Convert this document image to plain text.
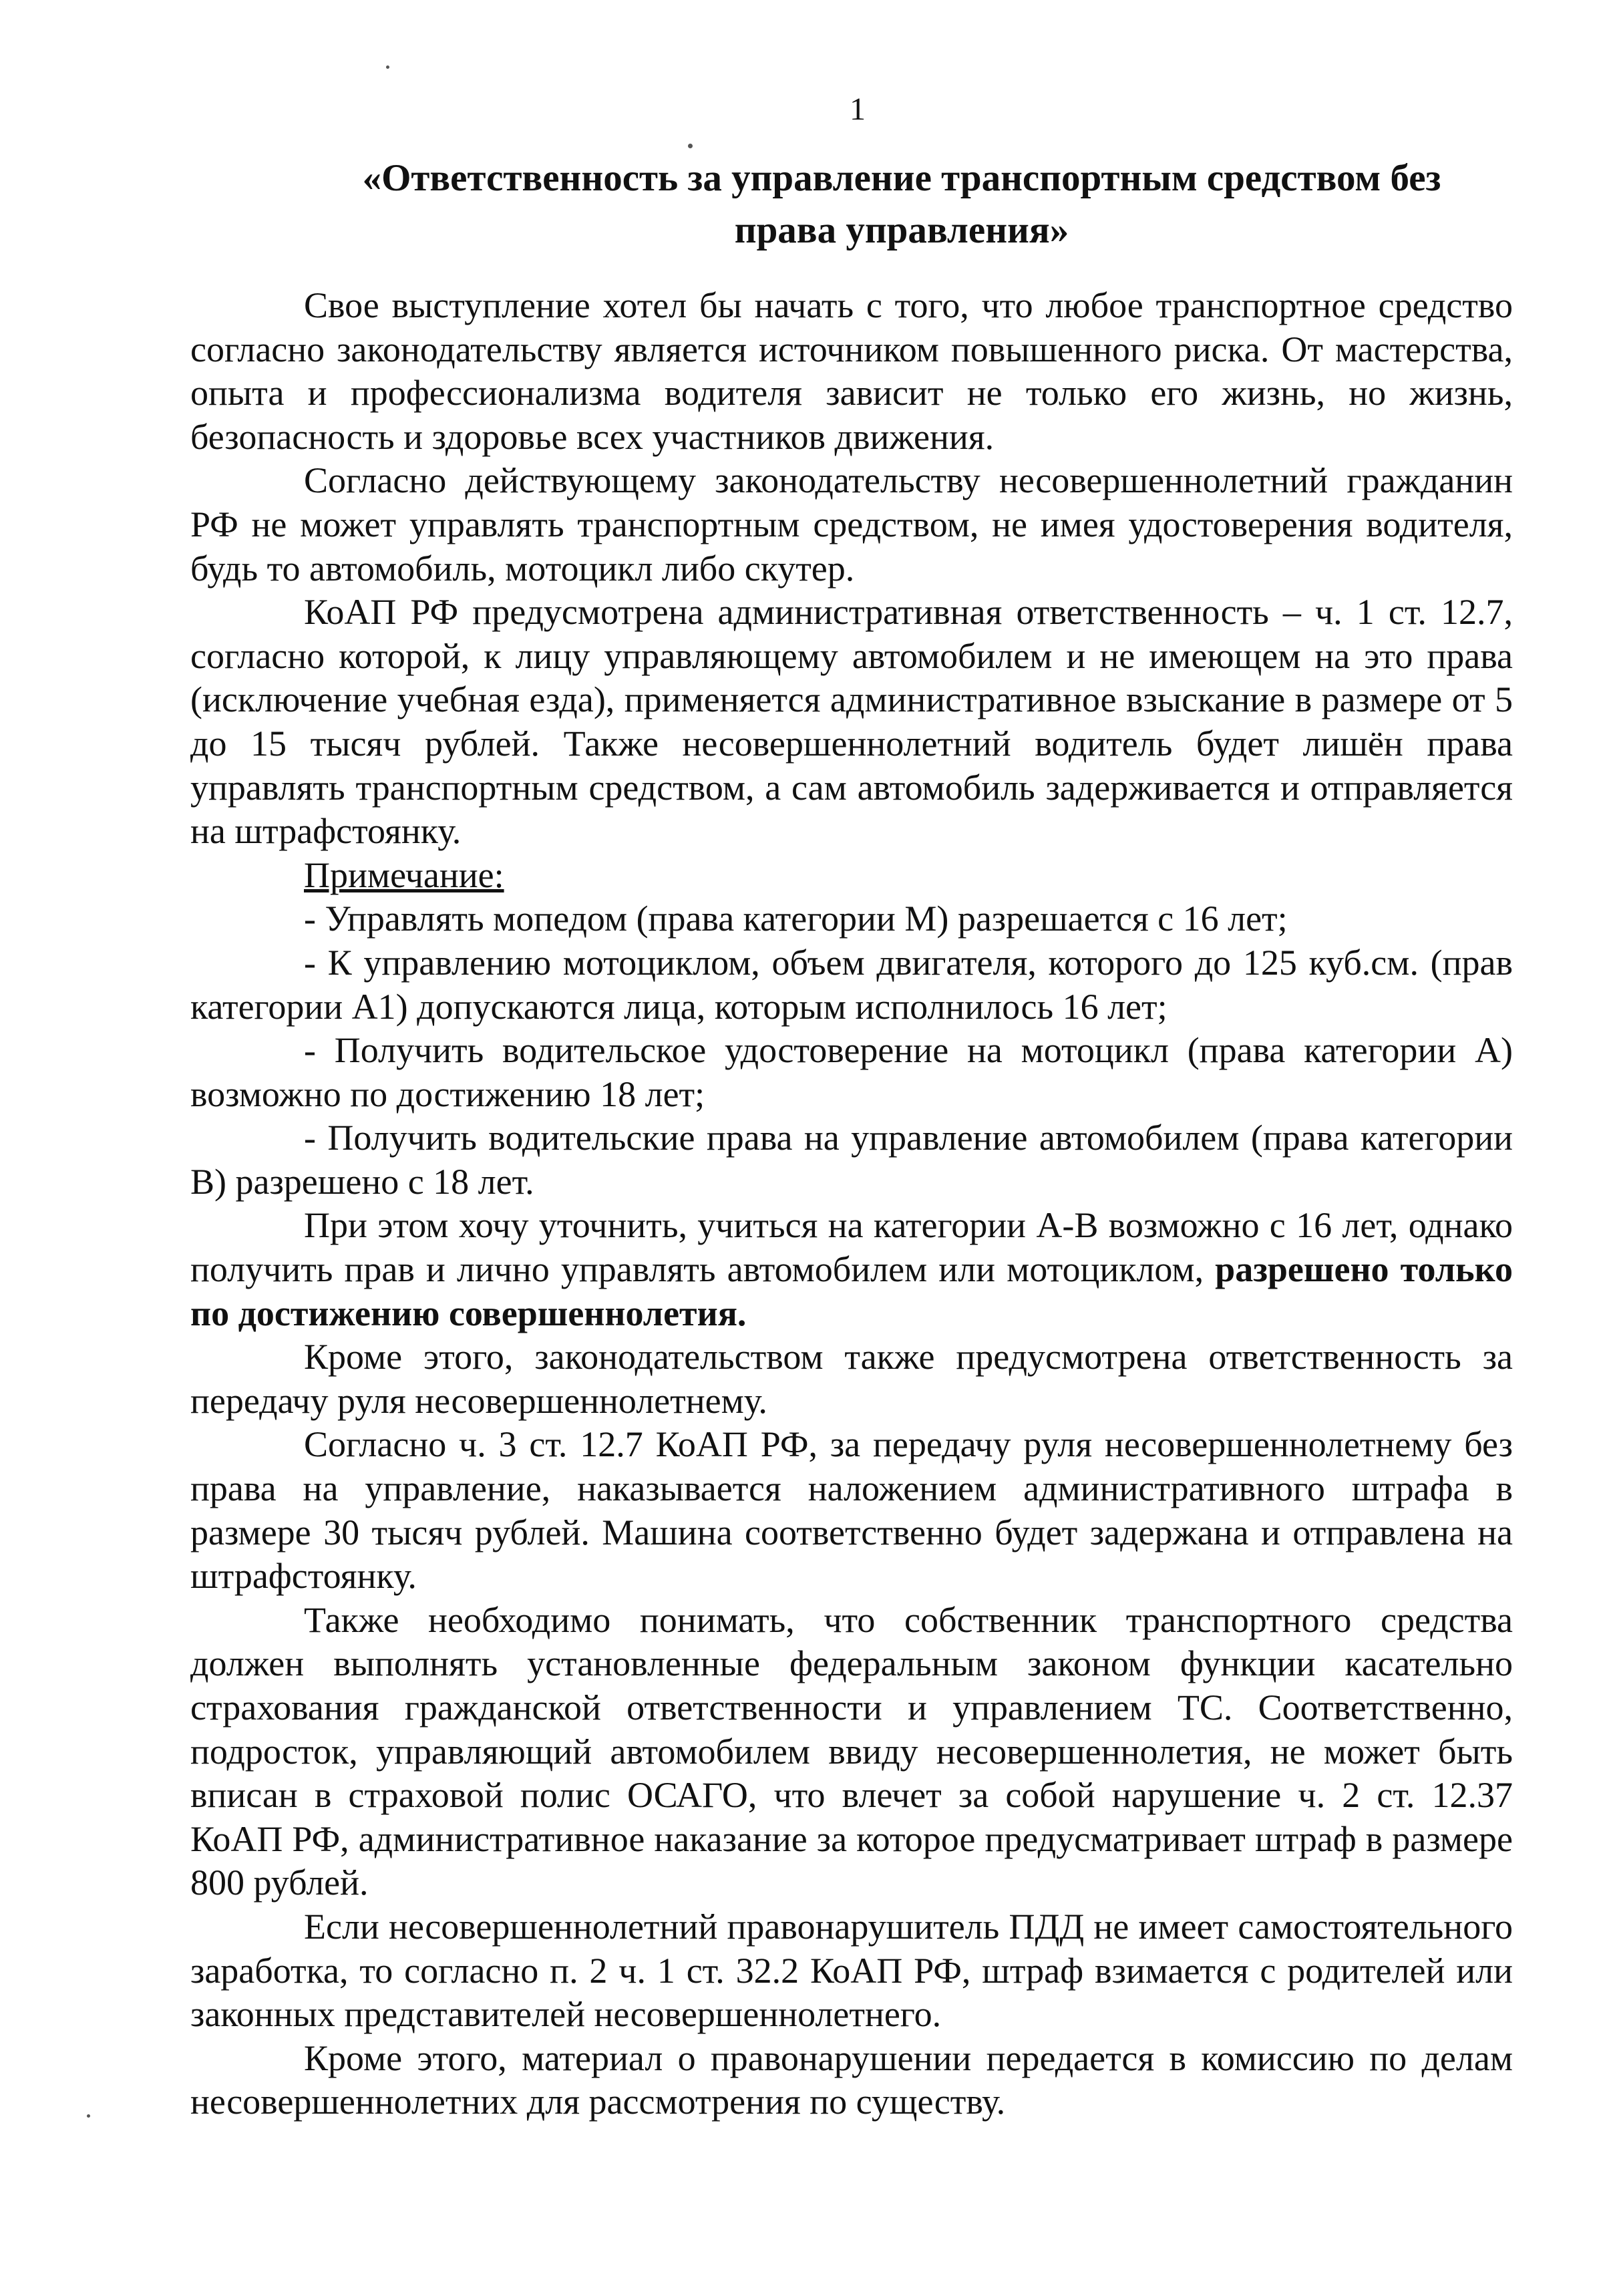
1
«Ответственность за управление транспортным средством без
права управления»

Свое выступление хотел бы начать с того, что любое транспортное средство согласно законодательству является источником повышенного риска. От мастерства, опыта и профессионализма водителя зависит не только его жизнь, но жизнь, безопасность и здоровье всех участников движения.

Согласно действующему законодательству несовершеннолетний гражданин РФ не может управлять транспортным средством, не имея удостоверения водителя, будь то автомобиль, мотоцикл либо скутер.

КоАП РФ предусмотрена административная ответственность – ч. 1 ст. 12.7, согласно которой, к лицу управляющему автомобилем и не имеющем на это права (исключение учебная езда), применяется административное взыскание в размере от 5 до 15 тысяч рублей. Также несовершеннолетний водитель будет лишён права управлять транспортным средством, а сам автомобиль задерживается и отправляется на штрафстоянку.

Примечание:

- Управлять мопедом (права категории М) разрешается с 16 лет;

- К управлению мотоциклом, объем двигателя, которого до 125 куб.см. (прав категории А1) допускаются лица, которым исполнилось 16 лет;

- Получить водительское удостоверение на мотоцикл (права категории А) возможно по достижению 18 лет;

- Получить водительские права на управление автомобилем (права категории В) разрешено с 18 лет.

При этом хочу уточнить, учиться на категории А-В возможно с 16 лет, однако получить прав и лично управлять автомобилем или мотоциклом, разрешено только по достижению совершеннолетия.

Кроме этого, законодательством также предусмотрена ответственность за передачу руля несовершеннолетнему.

Согласно ч. 3 ст. 12.7 КоАП РФ, за передачу руля несовершеннолетнему без права на управление, наказывается наложением административного штрафа в размере 30 тысяч рублей. Машина соответственно будет задержана и отправлена на штрафстоянку.

Также необходимо понимать, что собственник транспортного средства должен выполнять установленные федеральным законом функции касательно страхования гражданской ответственности и управлением ТС. Соответственно, подросток, управляющий автомобилем ввиду несовершеннолетия, не может быть вписан в страховой полис ОСАГО, что влечет за собой нарушение ч. 2 ст. 12.37 КоАП РФ, административное наказание за которое предусматривает штраф в размере 800 рублей.

Если несовершеннолетний правонарушитель ПДД не имеет самостоятельного заработка, то согласно п. 2 ч. 1 ст. 32.2 КоАП РФ, штраф взимается с родителей или законных представителей несовершеннолетнего.

Кроме этого, материал о правонарушении передается в комиссию по делам несовершеннолетних для рассмотрения по существу.
